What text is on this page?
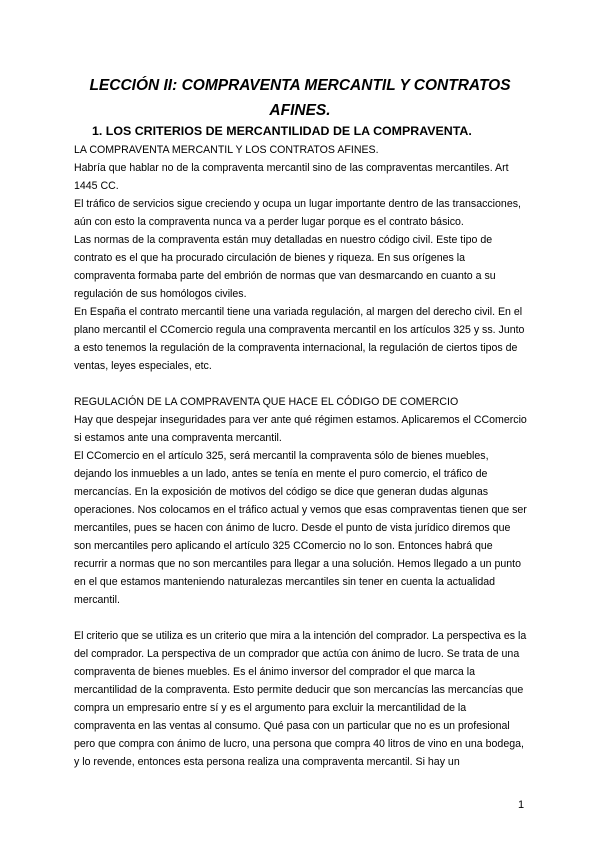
LECCIÓN II: COMPRAVENTA MERCANTIL Y CONTRATOS
AFINES.
1. LOS CRITERIOS DE MERCANTILIDAD DE LA COMPRAVENTA.

LA COMPRAVENTA MERCANTIL Y LOS CONTRATOS AFINES.

Habría que hablar no de la compraventa mercantil sino de las compraventas mercantiles. Art 1445 CC.

El tráfico de servicios sigue creciendo y ocupa un lugar importante dentro de las transacciones, aún con esto la compraventa nunca va a perder lugar porque es el contrato básico.

Las normas de la compraventa están muy detalladas en nuestro código civil. Este tipo de contrato es el que ha procurado circulación de bienes y riqueza. En sus orígenes la compraventa formaba parte del embrión de normas que van desmarcando en cuanto a su regulación de sus homólogos civiles.

En España el contrato mercantil tiene una variada regulación, al margen del derecho civil. En el plano mercantil el CComercio regula una compraventa mercantil en los artículos 325 y ss. Junto a esto tenemos la regulación de la compraventa internacional, la regulación de ciertos tipos de ventas, leyes especiales, etc.

REGULACIÓN DE LA COMPRAVENTA QUE HACE EL CÓDIGO DE COMERCIO

Hay que despejar inseguridades para ver ante qué régimen estamos. Aplicaremos el CComercio si estamos ante una compraventa mercantil.

El CComercio en el artículo 325, será mercantil la compraventa sólo de bienes muebles, dejando los inmuebles a un lado, antes se tenía en mente el puro comercio, el tráfico de mercancías. En la exposición de motivos del código se dice que generan dudas algunas operaciones. Nos colocamos en el tráfico actual y vemos que esas compraventas tienen que ser mercantiles, pues se hacen con ánimo de lucro. Desde el punto de vista jurídico diremos que son mercantiles pero aplicando el artículo 325 CComercio no lo son. Entonces habrá que recurrir a normas que no son mercantiles para llegar a una solución. Hemos llegado a un punto en el que estamos manteniendo naturalezas mercantiles sin tener en cuenta la actualidad mercantil.

El criterio que se utiliza es un criterio que mira a la intención del comprador. La perspectiva es la del comprador. La perspectiva de un comprador que actúa con ánimo de lucro. Se trata de una compraventa de bienes muebles. Es el ánimo inversor del comprador el que marca la mercantilidad de la compraventa. Esto permite deducir que son mercancías las mercancías que compra un empresario entre sí y es el argumento para excluir la mercantilidad de la compraventa en las ventas al consumo. Qué pasa con un particular que no es un profesional pero que compra con ánimo de lucro, una persona que compra 40 litros de vino en una bodega, y lo revende, entonces esta persona realiza una compraventa mercantil. Si hay un

1
